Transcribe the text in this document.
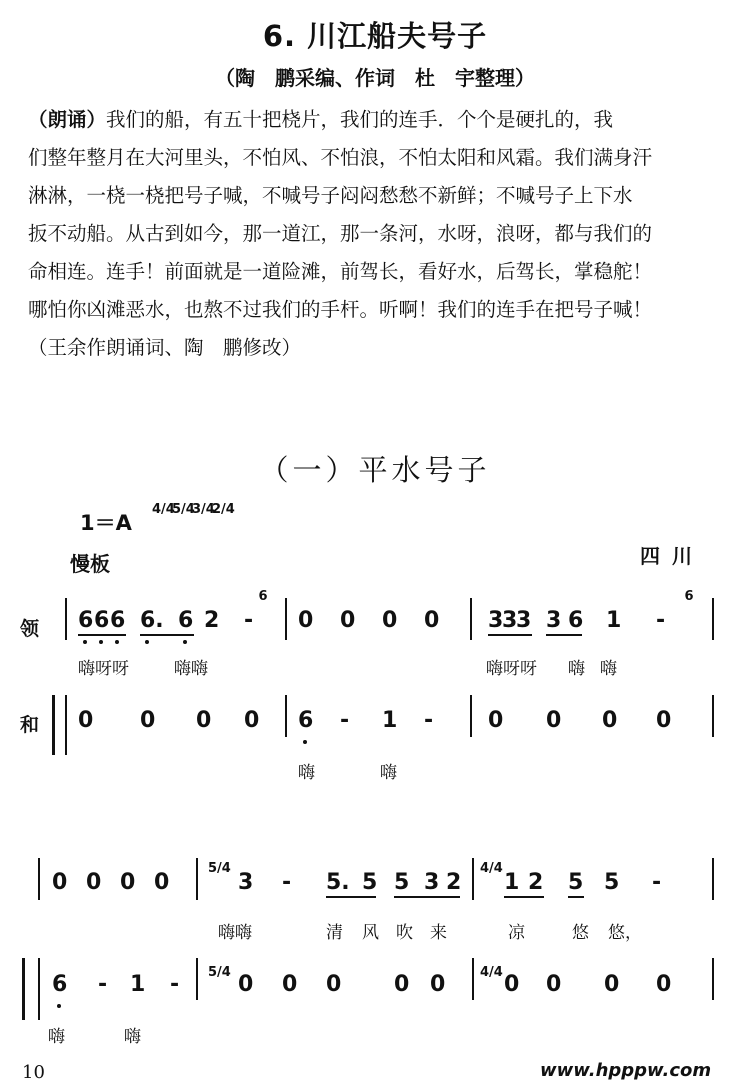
6. 川江船夫号子
（陶　鹏采编、作词　杜　宇整理）
（朗诵）我们的船，有五十把桡片，我们的连手．个个是硬扎的，我
们整年整月在大河里头，不怕风、不怕浪，不怕太阳和风霜。我们满身汗
淋淋，一桡一桡把号子喊，不喊号子闷闷愁愁不新鲜；不喊号子上下水
扳不动船。从古到如今，那一道江，那一条河，水呀，浪呀，都与我们的
命相连。连手！前面就是一道险滩，前驾长，看好水，后驾长，掌稳舵！
哪怕你凶滩恶水，也熬不过我们的手杆。听啊！我们的连手在把号子喊！
（王余作朗诵词、陶　鹏修改）
（一）平水号子
1＝A
4/4
5/4
3/4
2/4
慢板	四川
领
和
6 6 6 6. 6 2 -
6
0 0 0 0 3
3
3 3 6 1 -
6
嗨呀呀	嗨嗨	嗨呀呀 嗨 嗨
0 0 0 0 6 - 1 - 0 0 0 0
嗨	嗨
0 0 0 0
5/4
3 - 5. 5 5 3 2
4/4
1 2 5 5 -
嗨嗨	清 风 吹 来	凉	悠 悠，
6 - 1 - 5/4 0 0 0 0 0	4/4 0 0 0 0
嗨	嗨
10	www.hpppw.com
